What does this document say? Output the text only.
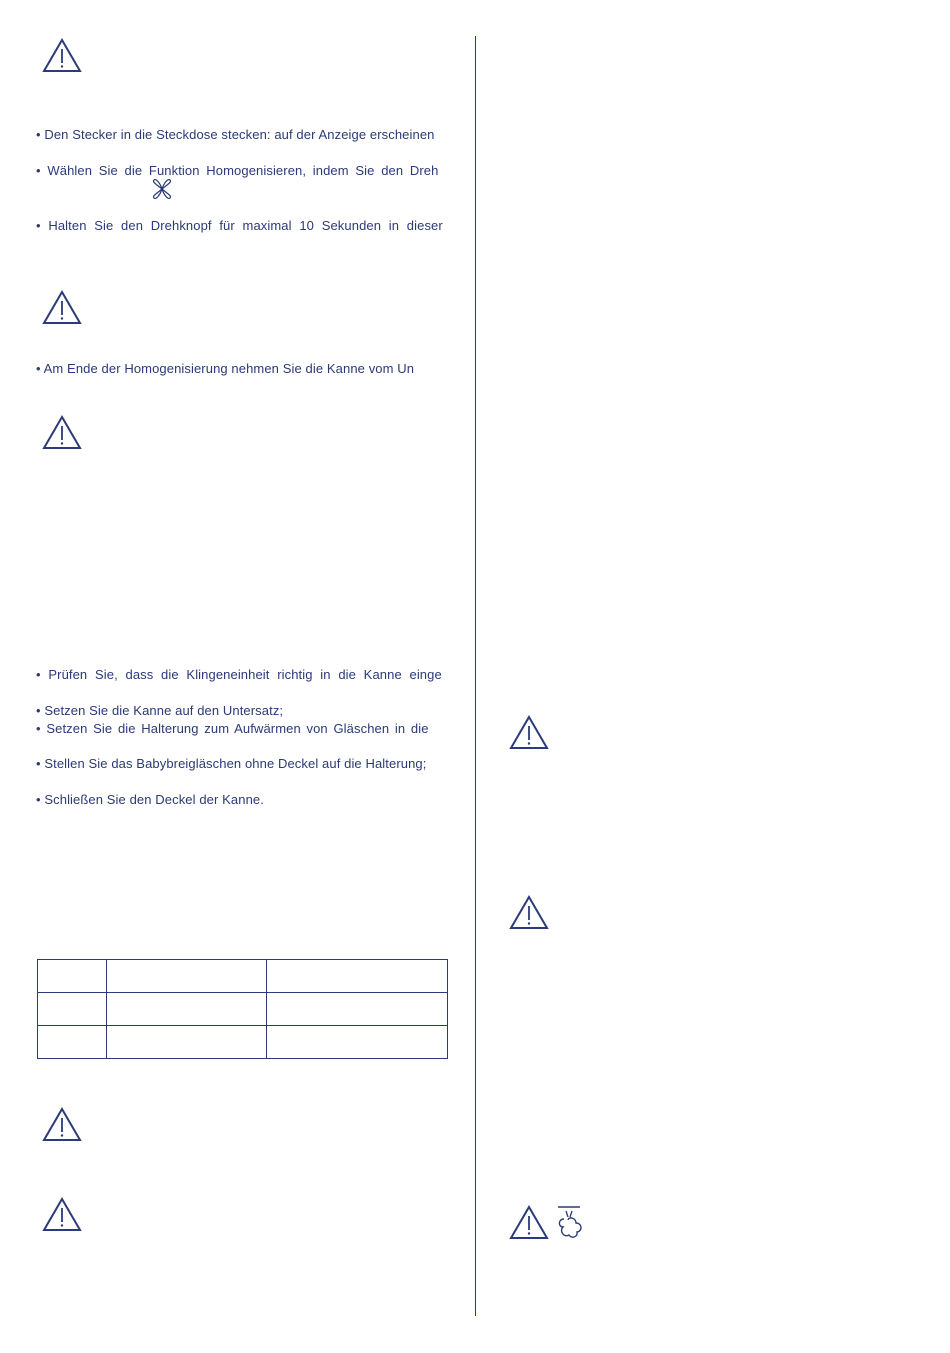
• Den Stecker in die Steckdose stecken: auf der Anzeige erscheinen
• Wählen Sie die Funktion Homogenisieren, indem Sie den Dreh
• Halten Sie den Drehknopf für maximal 10 Sekunden in dieser
• Am Ende der Homogenisierung nehmen Sie die Kanne vom Un
• Prüfen Sie, dass die Klingeneinheit richtig in die Kanne einge
• Setzen Sie die Kanne auf den Untersatz;
• Setzen Sie die Halterung zum Aufwärmen von Gläschen in die
• Stellen Sie das Babybreigläschen ohne Deckel auf die Halterung;
• Schließen Sie den Deckel der Kanne.
